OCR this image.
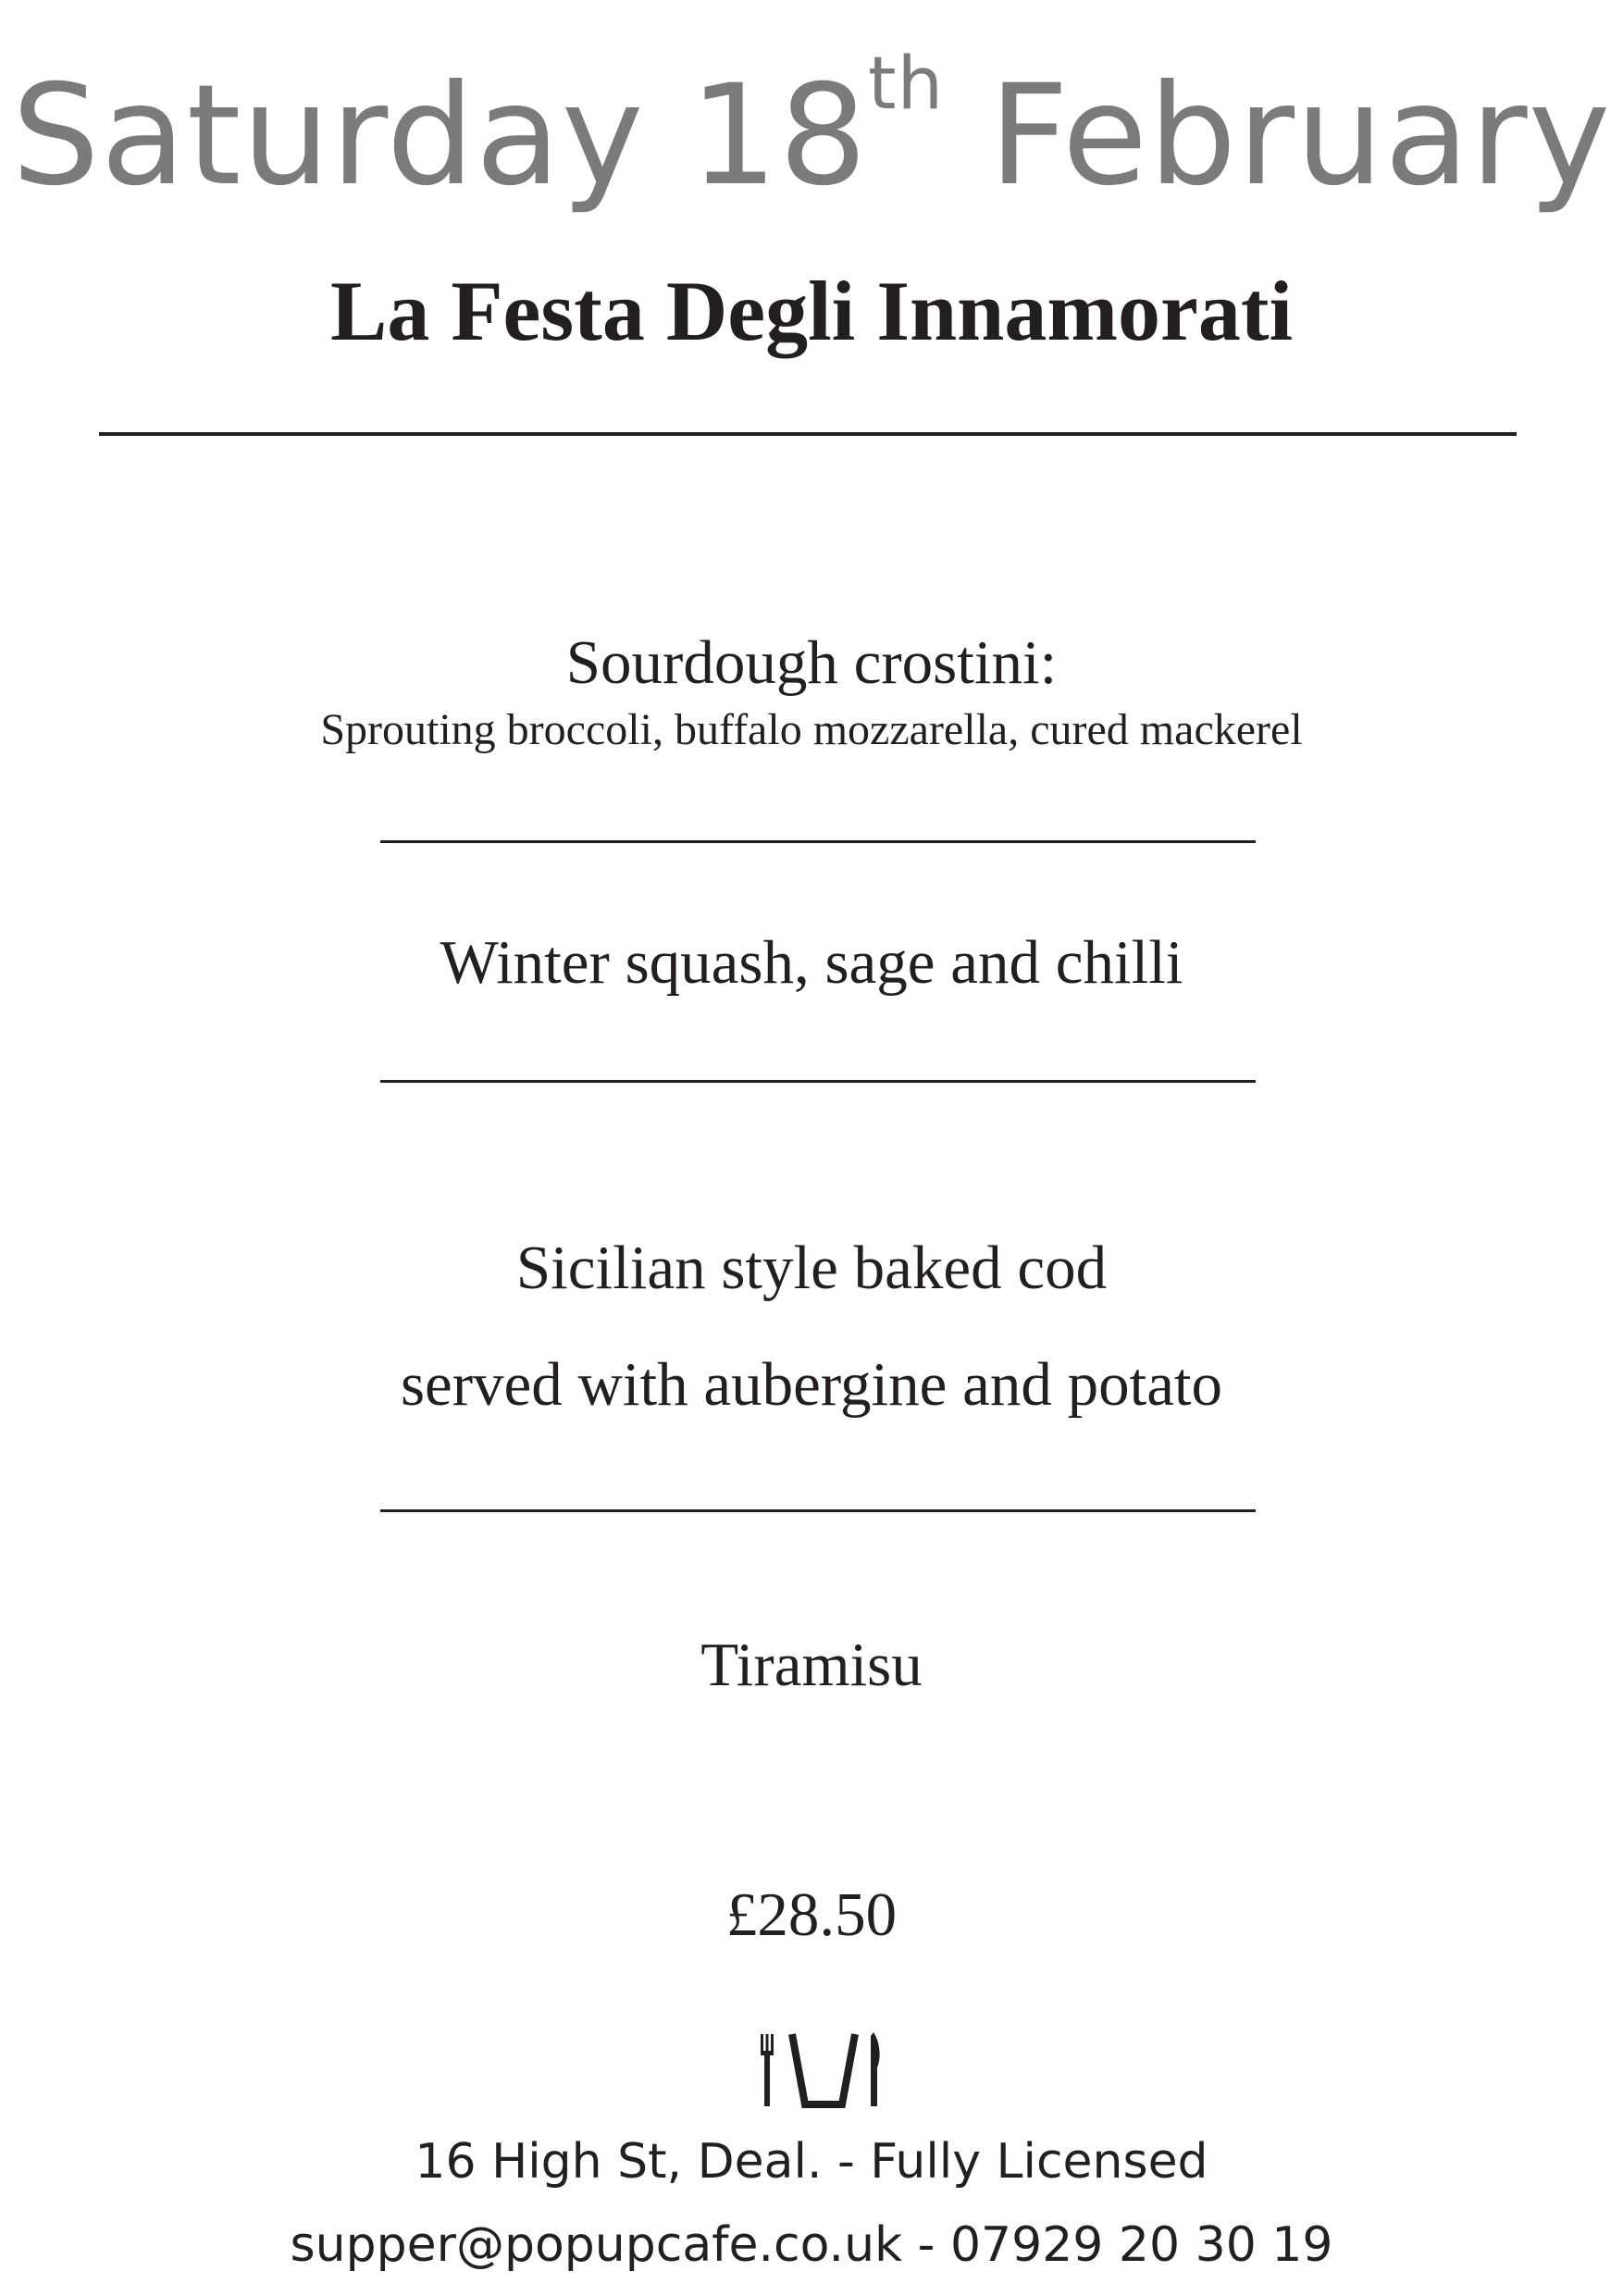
Saturday 18th February
La Festa Degli Innamorati
Sourdough crostini:
Sprouting broccoli, buffalo mozzarella, cured mackerel
Winter squash, sage and chilli
Sicilian style baked cod
served with aubergine and potato
Tiramisu
£28.50
16 High St, Deal. - Fully Licensed
supper@popupcafe.co.uk - 07929 20 30 19
